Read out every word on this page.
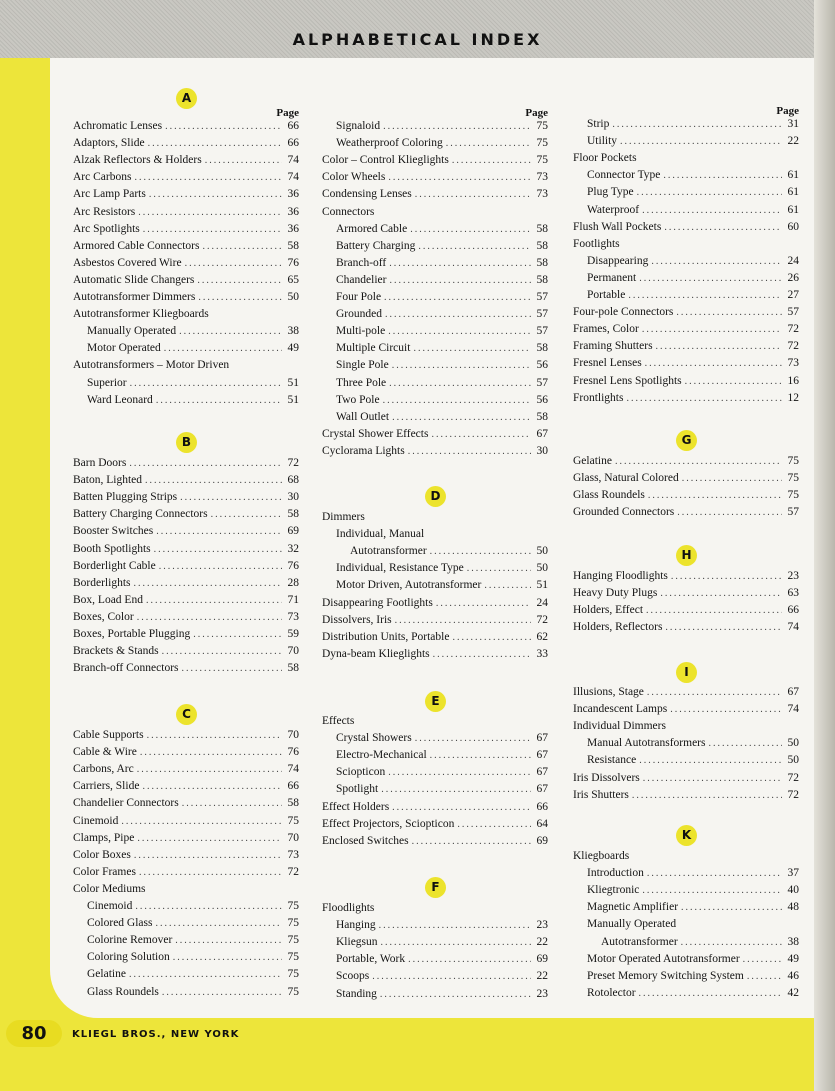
ALPHABETICAL INDEX
Page
A
Achromatic Lenses .....	66
Adaptors, Slide .....	66
Alzak Reflectors & Holders .....	74
Arc Carbons .....	74
Arc Lamp Parts .....	36
Arc Resistors .....	36
Arc Spotlights .....	36
Armored Cable Connectors .....	58
Asbestos Covered Wire .....	76
Automatic Slide Changers .....	65
Autotransformer Dimmers .....	50
Autotransformer Kliegboards
Manually Operated .....	38
Motor Operated .....	49
Autotransformers – Motor Driven
Superior .....	51
Ward Leonard .....	51
B
Barn Doors .....	72
Baton, Lighted .....	68
Batten Plugging Strips .....	30
Battery Charging Connectors .....	58
Booster Switches .....	69
Booth Spotlights .....	32
Borderlight Cable .....	76
Borderlights .....	28
Box, Load End .....	71
Boxes, Color .....	73
Boxes, Portable Plugging .....	59
Brackets & Stands .....	70
Branch-off Connectors .....	58
C
Cable Supports .....	70
Cable & Wire .....	76
Carbons, Arc .....	74
Carriers, Slide .....	66
Chandelier Connectors .....	58
Cinemoid .....	75
Clamps, Pipe .....	70
Color Boxes .....	73
Color Frames .....	72
Color Mediums
Cinemoid .....	75
Colored Glass .....	75
Colorine Remover .....	75
Coloring Solution .....	75
Gelatine .....	75
Glass Roundels .....	75
Page
Signaloid .....	75
Weatherproof Coloring .....	75
Color – Control Klieglights .....	75
Color Wheels .....	73
Condensing Lenses .....	73
Connectors
Armored Cable .....	58
Battery Charging .....	58
Branch-off .....	58
Chandelier .....	58
Four Pole .....	57
Grounded .....	57
Multi-pole .....	57
Multiple Circuit .....	58
Single Pole .....	56
Three Pole .....	57
Two Pole .....	56
Wall Outlet .....	58
Crystal Shower Effects .....	67
Cyclorama Lights .....	30
D
Dimmers
Individual, Manual
Autotransformer .....	50
Individual, Resistance Type .....	50
Motor Driven, Autotransformer .....	51
Disappearing Footlights .....	24
Dissolvers, Iris .....	72
Distribution Units, Portable .....	62
Dyna-beam Klieglights .....	33
E
Effects
Crystal Showers .....	67
Electro-Mechanical .....	67
Sciopticon .....	67
Spotlight .....	67
Effect Holders .....	66
Effect Projectors, Sciopticon .....	64
Enclosed Switches .....	69
F
Floodlights
Hanging .....	23
Kliegsun .....	22
Portable, Work .....	69
Scoops .....	22
Standing .....	23
Page
Strip .....	31
Utility .....	22
Floor Pockets
Connector Type .....	61
Plug Type .....	61
Waterproof .....	61
Flush Wall Pockets .....	60
Footlights
Disappearing .....	24
Permanent .....	26
Portable .....	27
Four-pole Connectors .....	57
Frames, Color .....	72
Framing Shutters .....	72
Fresnel Lenses .....	73
Fresnel Lens Spotlights .....	16
Frontlights .....	12
G
Gelatine .....	75
Glass, Natural Colored .....	75
Glass Roundels .....	75
Grounded Connectors .....	57
H
Hanging Floodlights .....	23
Heavy Duty Plugs .....	63
Holders, Effect .....	66
Holders, Reflectors .....	74
I
Illusions, Stage .....	67
Incandescent Lamps .....	74
Individual Dimmers
Manual Autotransformers .....	50
Resistance .....	50
Iris Dissolvers .....	72
Iris Shutters .....	72
K
Kliegboards
Introduction .....	37
Kliegtronic .....	40
Magnetic Amplifier .....	48
Manually Operated
Autotransformer .....	38
Motor Operated Autotransformer .....	49
Preset Memory Switching System .....	46
Rotolector .....	42
80	KLIEGL BROS., NEW YORK
